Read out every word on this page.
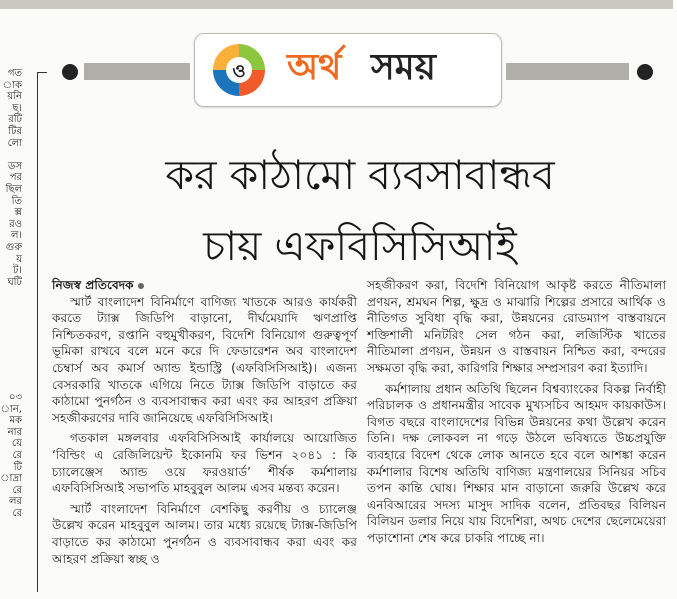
গত
াক
য়নি
ছ।
রটি
টির
লো

ডস
পর
ছিল
তি
ক্স
রও
ল।
গুরু
য়
ট।
ঘটি
০৩
ান,
মক
নার
য়ে
রে
টি
াদ্রা
রে
লর
রে
ও অর্থ সময়
কর কাঠামো ব্যবসাবান্ধব
চায় এফবিসিসিআই

নিজস্ব প্রতিবেদক

স্মার্ট বাংলাদেশ বিনির্মাণে বাণিজ্য খাতকে আরও কার্যকরী করতে ট্যাক্স জিডিপি বাড়ানো, দীর্ঘমেয়াদি ঋণপ্রাপ্তি নিশ্চিতকরণ, রপ্তানি বহুমুখীকরণ, বিদেশি বিনিয়োগ গুরুত্বপূর্ণ ভূমিকা রাখবে বলে মনে করে দি ফেডারেশন অব বাংলাদেশ চেম্বার্স অব কমার্স অ্যান্ড ইন্ডাস্ট্রি (এফবিসিসিআই)। এজন্য বেসরকারি খাতকে এগিয়ে নিতে ট্যাক্স জিডিপি বাড়াতে কর কাঠামো পুনর্গঠন ও ব্যবসাবান্ধব করা এবং কর আহরণ প্রক্রিয়া সহজীকরণের দাবি জানিয়েছে এফবিসিসিআই।

গতকাল মঙ্গলবার এফবিসিসিআই কার্যালয়ে আয়োজিত ‘বিল্ডিং এ রেজিলিয়েন্ট ইকোনমি ফর ভিশন ২০৪১ : কি চ্যালেঞ্জেস অ্যান্ড ওয়ে ফরওয়ার্ড’ শীর্ষক কর্মশালায় এফবিসিসিআই সভাপতি মাহবুবুল আলম এসব মন্তব্য করেন।

স্মার্ট বাংলাদেশ বিনির্মাণে বেশকিছু করণীয় ও চ্যালেঞ্জ উল্লেখ করেন মাহবুবুল আলম। তার মধ্যে রয়েছে ট্যাক্স-জিডিপি বাড়াতে কর কাঠামো পুনর্গঠন ও ব্যবসাবান্ধব করা এবং কর আহরণ প্রক্রিয়া স্বচ্ছ ও

সহজীকরণ করা, বিদেশি বিনিয়োগ আকৃষ্ট করতে নীতিমালা প্রণয়ন, শ্রমঘন শিল্প, ক্ষুদ্র ও মাঝারি শিল্পের প্রসারে আর্থিক ও নীতিগত সুবিধা বৃদ্ধি করা, উন্নয়নের রোডম্যাপ বাস্তবায়নে শক্তিশালী মনিটরিং সেল গঠন করা, লজিস্টিক খাতের নীতিমালা প্রণয়ন, উন্নয়ন ও বাস্তবায়ন নিশ্চিত করা, বন্দরের সক্ষমতা বৃদ্ধি করা, কারিগরি শিক্ষার সম্প্রসারণ করা ইত্যাদি।

কর্মশালায় প্রধান অতিথি ছিলেন বিশ্বব্যাংকের বিকল্প নির্বাহী পরিচালক ও প্রধানমন্ত্রীর সাবেক মুখ্যসচিব আহমদ কায়কাউস। বিগত বছরে বাংলাদেশের বিভিন্ন উন্নয়নের কথা উল্লেখ করেন তিনি। দক্ষ লোকবল না গড়ে উঠলে ভবিষ্যতে উচ্চপ্রযুক্তি ব্যবহারে বিদেশ থেকে লোক আনতে হবে বলে আশঙ্কা করেন কর্মশালার বিশেষ অতিথি বাণিজ্য মন্ত্রণালয়ের সিনিয়র সচিব তপন কান্তি ঘোষ। শিক্ষার মান বাড়ানো জরুরি উল্লেখ করে এনবিআরের সদস্য মাসুদ সাদিক বলেন, প্রতিবছর বিলিয়ন বিলিয়ন ডলার নিয়ে যায় বিদেশিরা, অথচ দেশের ছেলেমেয়েরা পড়াশোনা শেষ করে চাকরি পাচ্ছে না।
